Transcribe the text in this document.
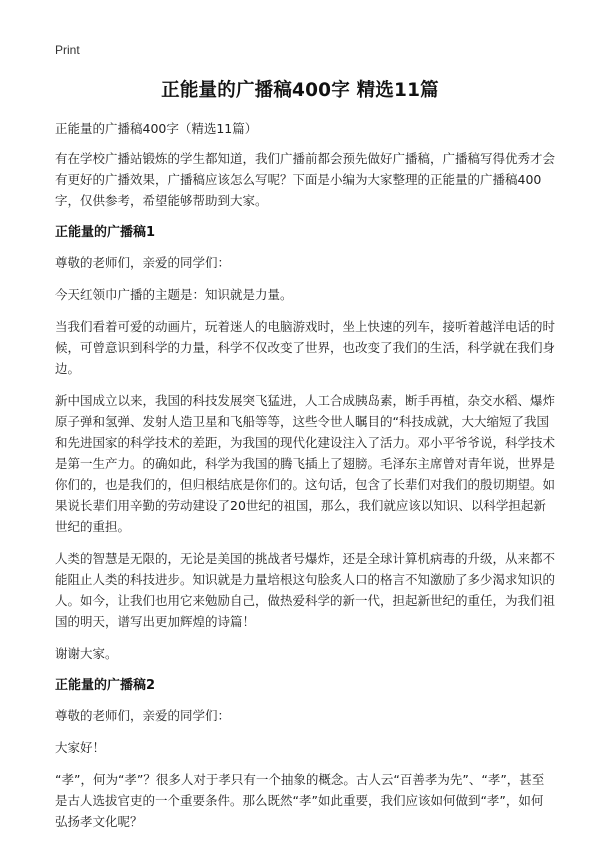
Print
正能量的广播稿400字 精选11篇

正能量的广播稿400字（精选11篇）

有在学校广播站锻炼的学生都知道，我们广播前都会预先做好广播稿，广播稿写得优秀才会有更好的广播效果，广播稿应该怎么写呢？下面是小编为大家整理的正能量的广播稿400字，仅供参考，希望能够帮助到大家。

正能量的广播稿1

尊敬的老师们，亲爱的同学们：

今天红领巾广播的主题是：知识就是力量。

当我们看着可爱的动画片，玩着迷人的电脑游戏时，坐上快速的列车，接听着越洋电话的时候，可曾意识到科学的力量，科学不仅改变了世界，也改变了我们的生活，科学就在我们身边。

新中国成立以来，我国的科技发展突飞猛进，人工合成胰岛素，断手再植，杂交水稻、爆炸原子弹和氢弹、发射人造卫星和飞船等等，这些令世人瞩目的“科技成就，大大缩短了我国和先进国家的科学技术的差距，为我国的现代化建设注入了活力。邓小平爷爷说，科学技术是第一生产力。的确如此，科学为我国的腾飞插上了翅膀。毛泽东主席曾对青年说，世界是你们的，也是我们的，但归根结底是你们的。这句话，包含了长辈们对我们的殷切期望。如果说长辈们用辛勤的劳动建设了20世纪的祖国，那么，我们就应该以知识、以科学担起新世纪的重担。

人类的智慧是无限的，无论是美国的挑战者号爆炸，还是全球计算机病毒的升级，从来都不能阻止人类的科技进步。知识就是力量培根这句脍炙人口的格言不知激励了多少渴求知识的人。如今，让我们也用它来勉励自己，做热爱科学的新一代，担起新世纪的重任，为我们祖国的明天，谱写出更加辉煌的诗篇！

谢谢大家。

正能量的广播稿2

尊敬的老师们，亲爱的同学们：

大家好！

“孝”，何为“孝”？很多人对于孝只有一个抽象的概念。古人云“百善孝为先”、“孝”，甚至是古人选拔官吏的一个重要条件。那么既然“孝”如此重要，我们应该如何做到“孝”，如何弘扬孝文化呢？
